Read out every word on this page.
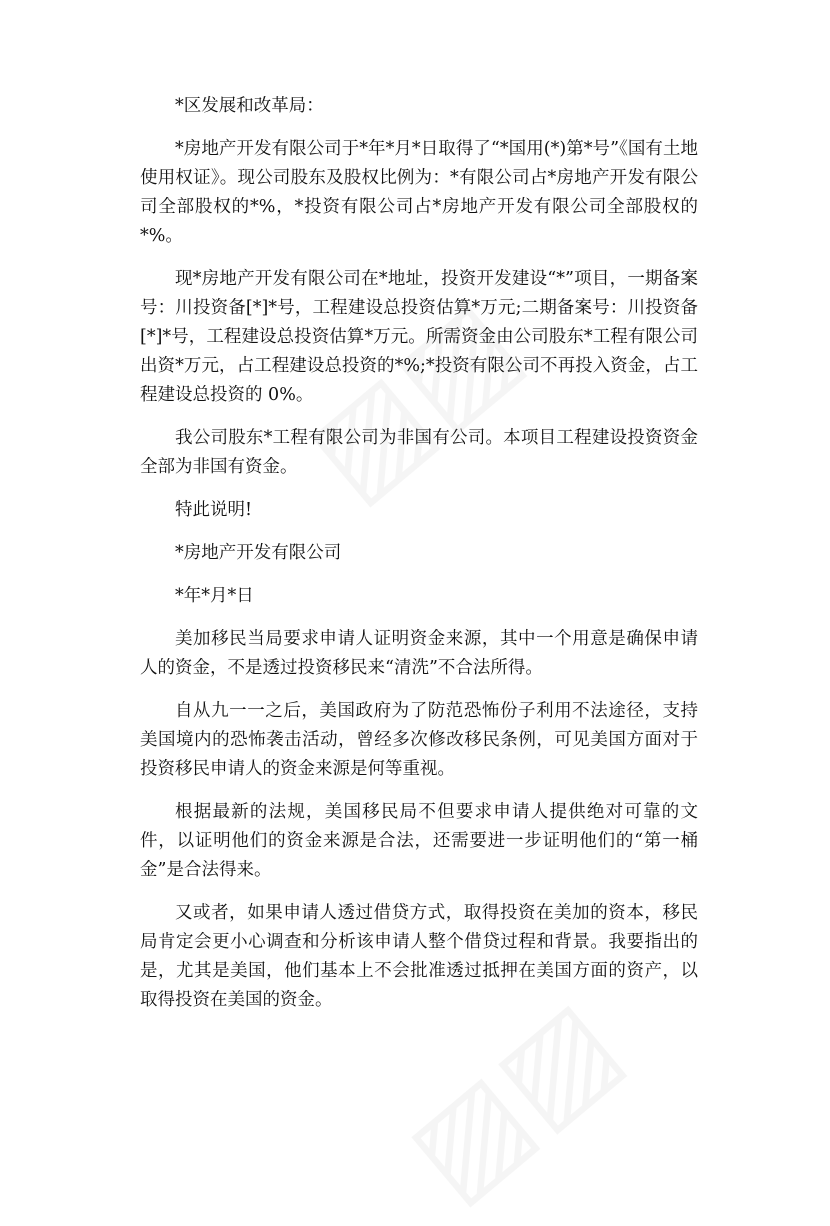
*区发展和改革局：

*房地产开发有限公司于*年*月*日取得了“*国用(*)第*号”《国有土地使用权证》。现公司股东及股权比例为：*有限公司占*房地产开发有限公司全部股权的*%，*投资有限公司占*房地产开发有限公司全部股权的*%。

现*房地产开发有限公司在*地址，投资开发建设“*”项目，一期备案号：川投资备[*]*号，工程建设总投资估算*万元;二期备案号：川投资备[*]*号，工程建设总投资估算*万元。所需资金由公司股东*工程有限公司出资*万元，占工程建设总投资的*%;*投资有限公司不再投入资金，占工程建设总投资的 0%。

我公司股东*工程有限公司为非国有公司。本项目工程建设投资资金全部为非国有资金。

特此说明!

*房地产开发有限公司

*年*月*日

美加移民当局要求申请人证明资金来源，其中一个用意是确保申请人的资金，不是透过投资移民来“清洗”不合法所得。

自从九一一之后，美国政府为了防范恐怖份子利用不法途径，支持美国境内的恐怖袭击活动，曾经多次修改移民条例，可见美国方面对于投资移民申请人的资金来源是何等重视。

根据最新的法规，美国移民局不但要求申请人提供绝对可靠的文件，以证明他们的资金来源是合法，还需要进一步证明他们的“第一桶金”是合法得来。

又或者，如果申请人透过借贷方式，取得投资在美加的资本，移民局肯定会更小心调查和分析该申请人整个借贷过程和背景。我要指出的是，尤其是美国，他们基本上不会批准透过抵押在美国方面的资产，以取得投资在美国的资金。
